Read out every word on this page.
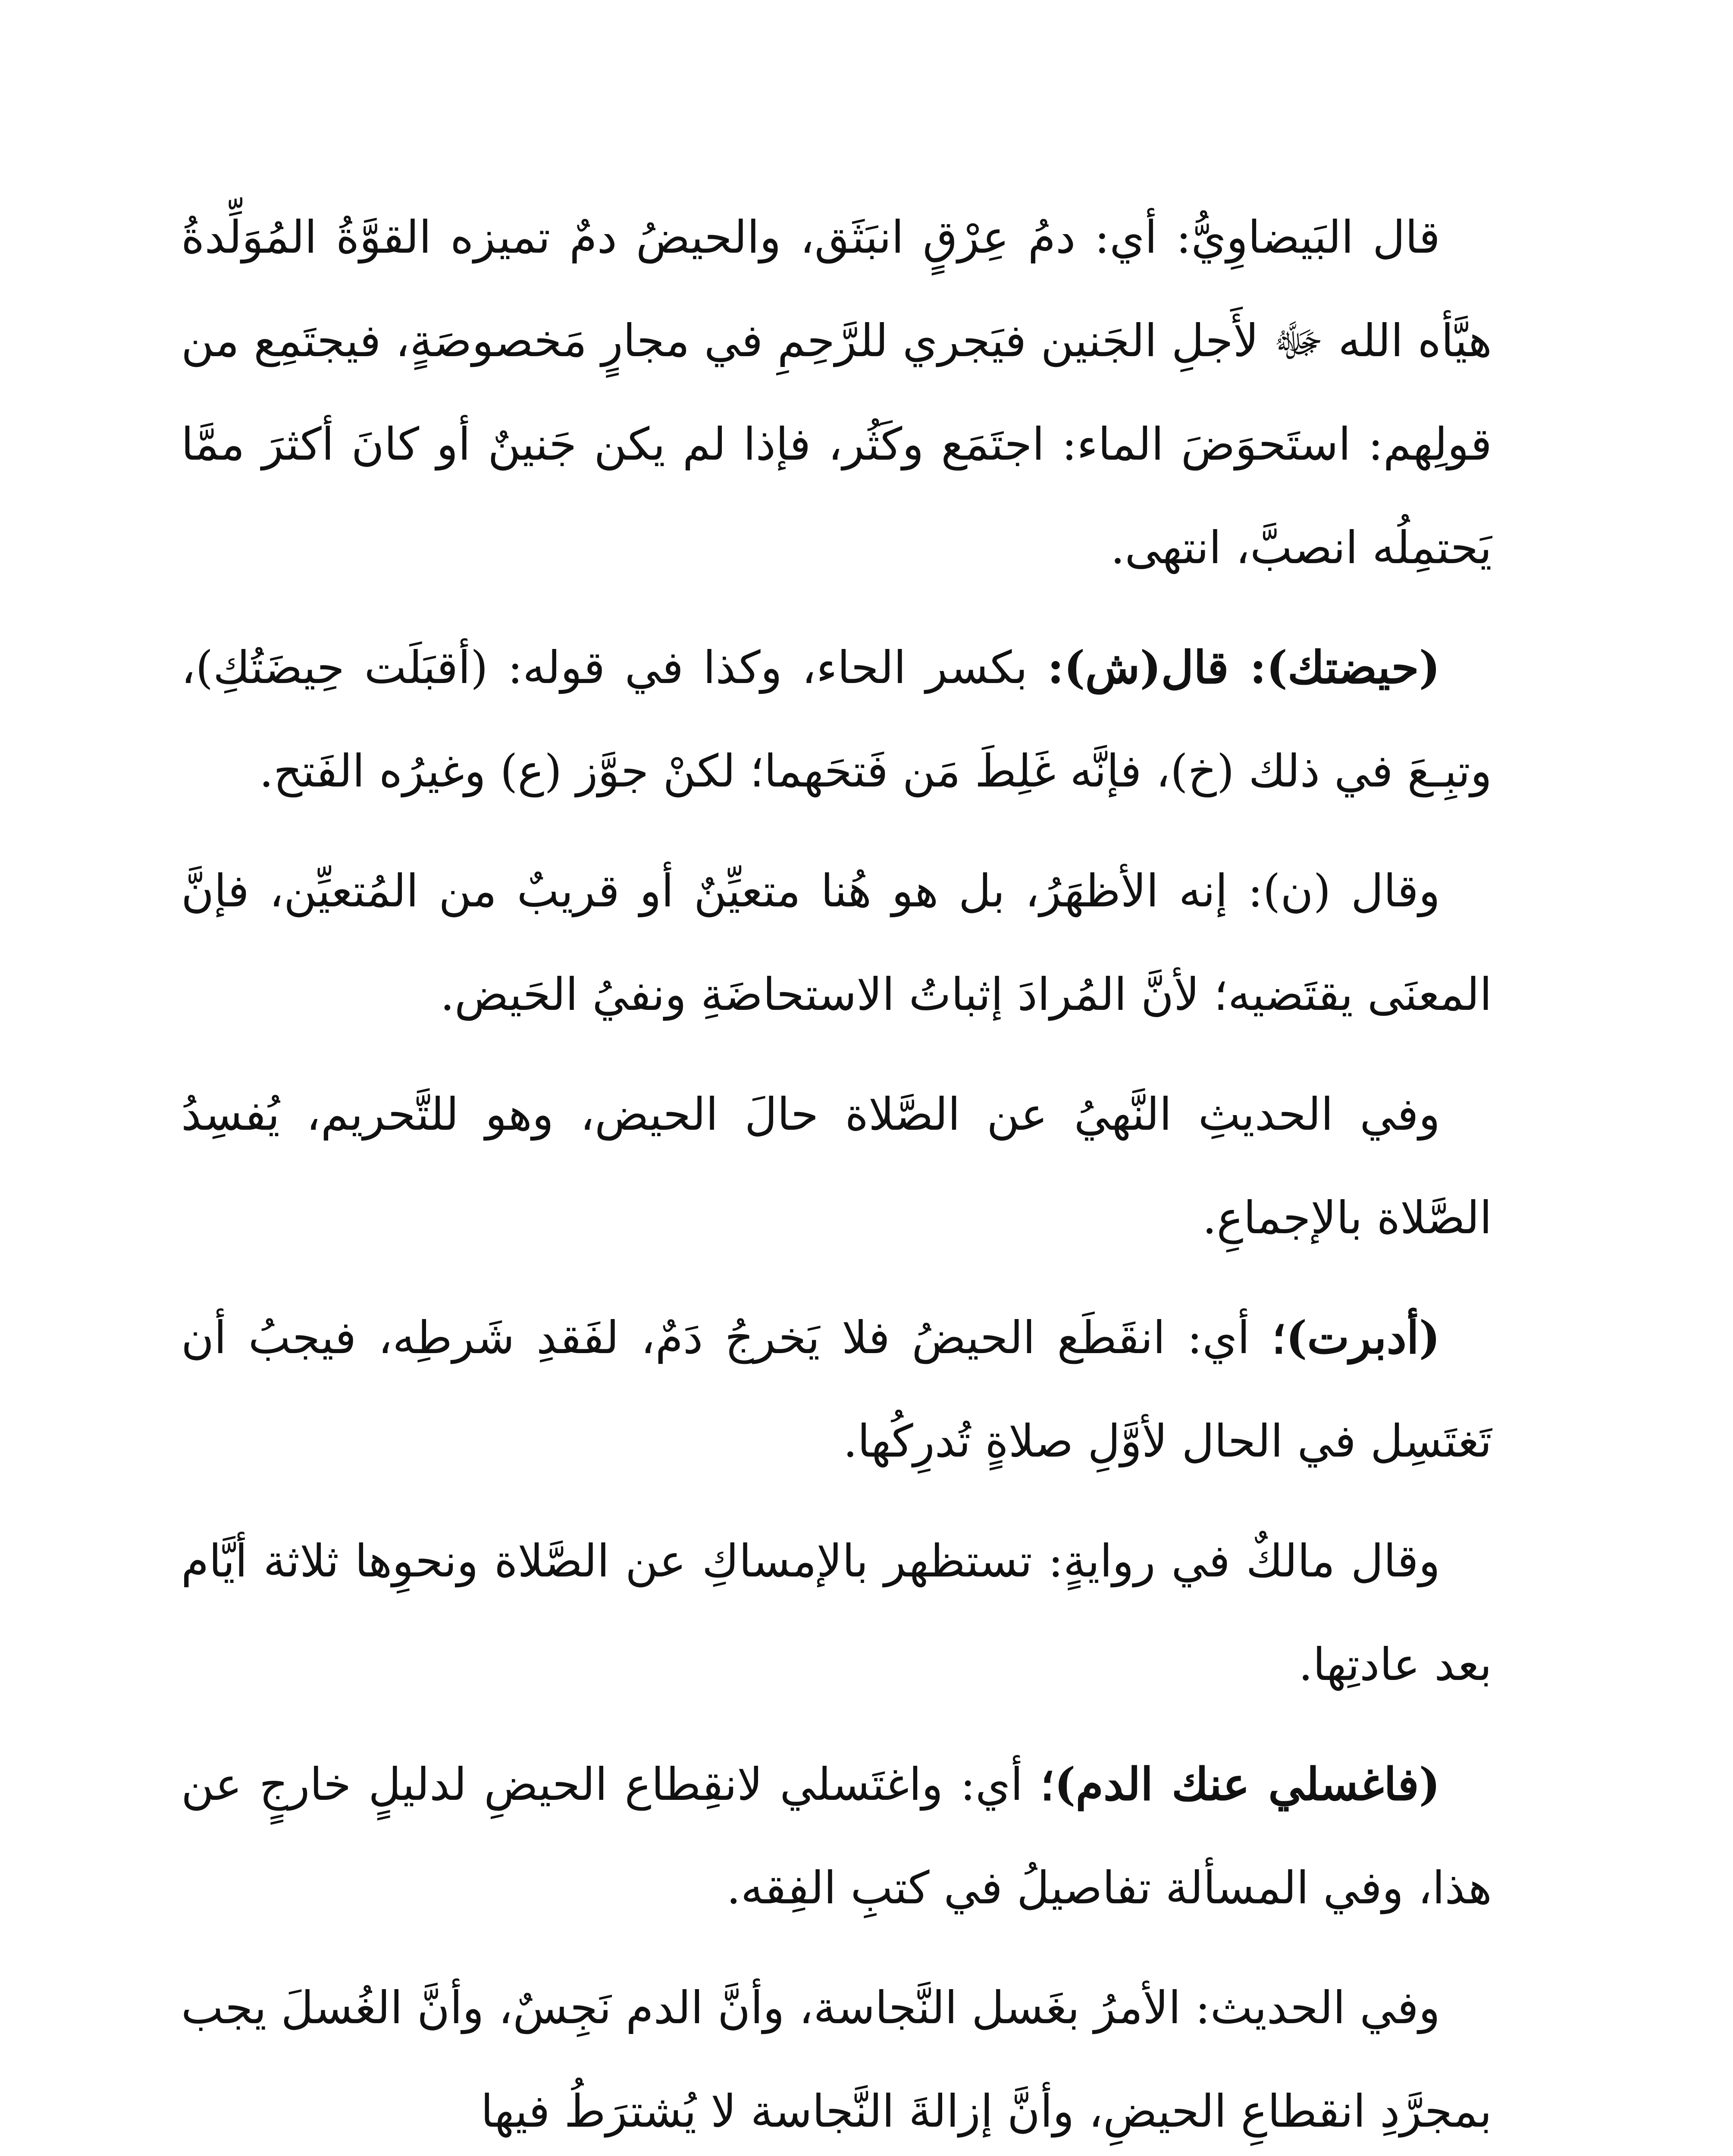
قال البَيضاوِيُّ: أي: دمُ عِرْقٍ انبَثَق، والحيضُ دمٌ تميزه القوَّةُ المُوَلِّدةُ هيَّأه الله ﷻ لأَجلِ الجَنين فيَجري للرَّحِمِ في مجارٍ مَخصوصَةٍ، فيجتَمِع من قولِهم: استَحوَضَ الماء: اجتَمَع وكَثُر، فإذا لم يكن جَنينٌ أو كانَ أكثرَ ممَّا يَحتمِلُه انصبَّ، انتهى.

(حيضتك): قال(ش): بكسر الحاء، وكذا في قوله: (أقبَلَت حِيضَتُكِ)، وتبِـعَ في ذلك (خ)، فإنَّه غَلِطَ مَن فَتحَهما؛ لكنْ جوَّز (ع) وغيرُه الفَتح.

وقال (ن): إنه الأظهَرُ، بل هو هُنا متعيِّنٌ أو قريبٌ من المُتعيِّن، فإنَّ المعنَى يقتَضيه؛ لأنَّ المُرادَ إثباتُ الاستحاضَةِ ونفيُ الحَيض.

وفي الحديثِ النَّهيُ عن الصَّلاة حالَ الحيض، وهو للتَّحريم، يُفسِدُ الصَّلاة بالإجماعِ.

(أدبرت)؛ أي: انقَطَع الحيضُ فلا يَخرجُ دَمٌ، لفَقدِ شَرطِه، فيجبُ أن تَغتَسِل في الحال لأوَّلِ صلاةٍ تُدرِكُها.

وقال مالكٌ في روايةٍ: تستظهر بالإمساكِ عن الصَّلاة ونحوِها ثلاثة أيَّام بعد عادتِها.

(فاغسلي عنك الدم)؛ أي: واغتَسلي لانقِطاع الحيضِ لدليلٍ خارجٍ عن هذا، وفي المسألة تفاصيلُ في كتبِ الفِقه.

وفي الحديث: الأمرُ بغَسل النَّجاسة، وأنَّ الدم نَجِسٌ، وأنَّ الغُسلَ يجب بمجرَّدِ انقطاعِ الحيضِ، وأنَّ إزالةَ النَّجاسة لا يُشترَطُ فيها
